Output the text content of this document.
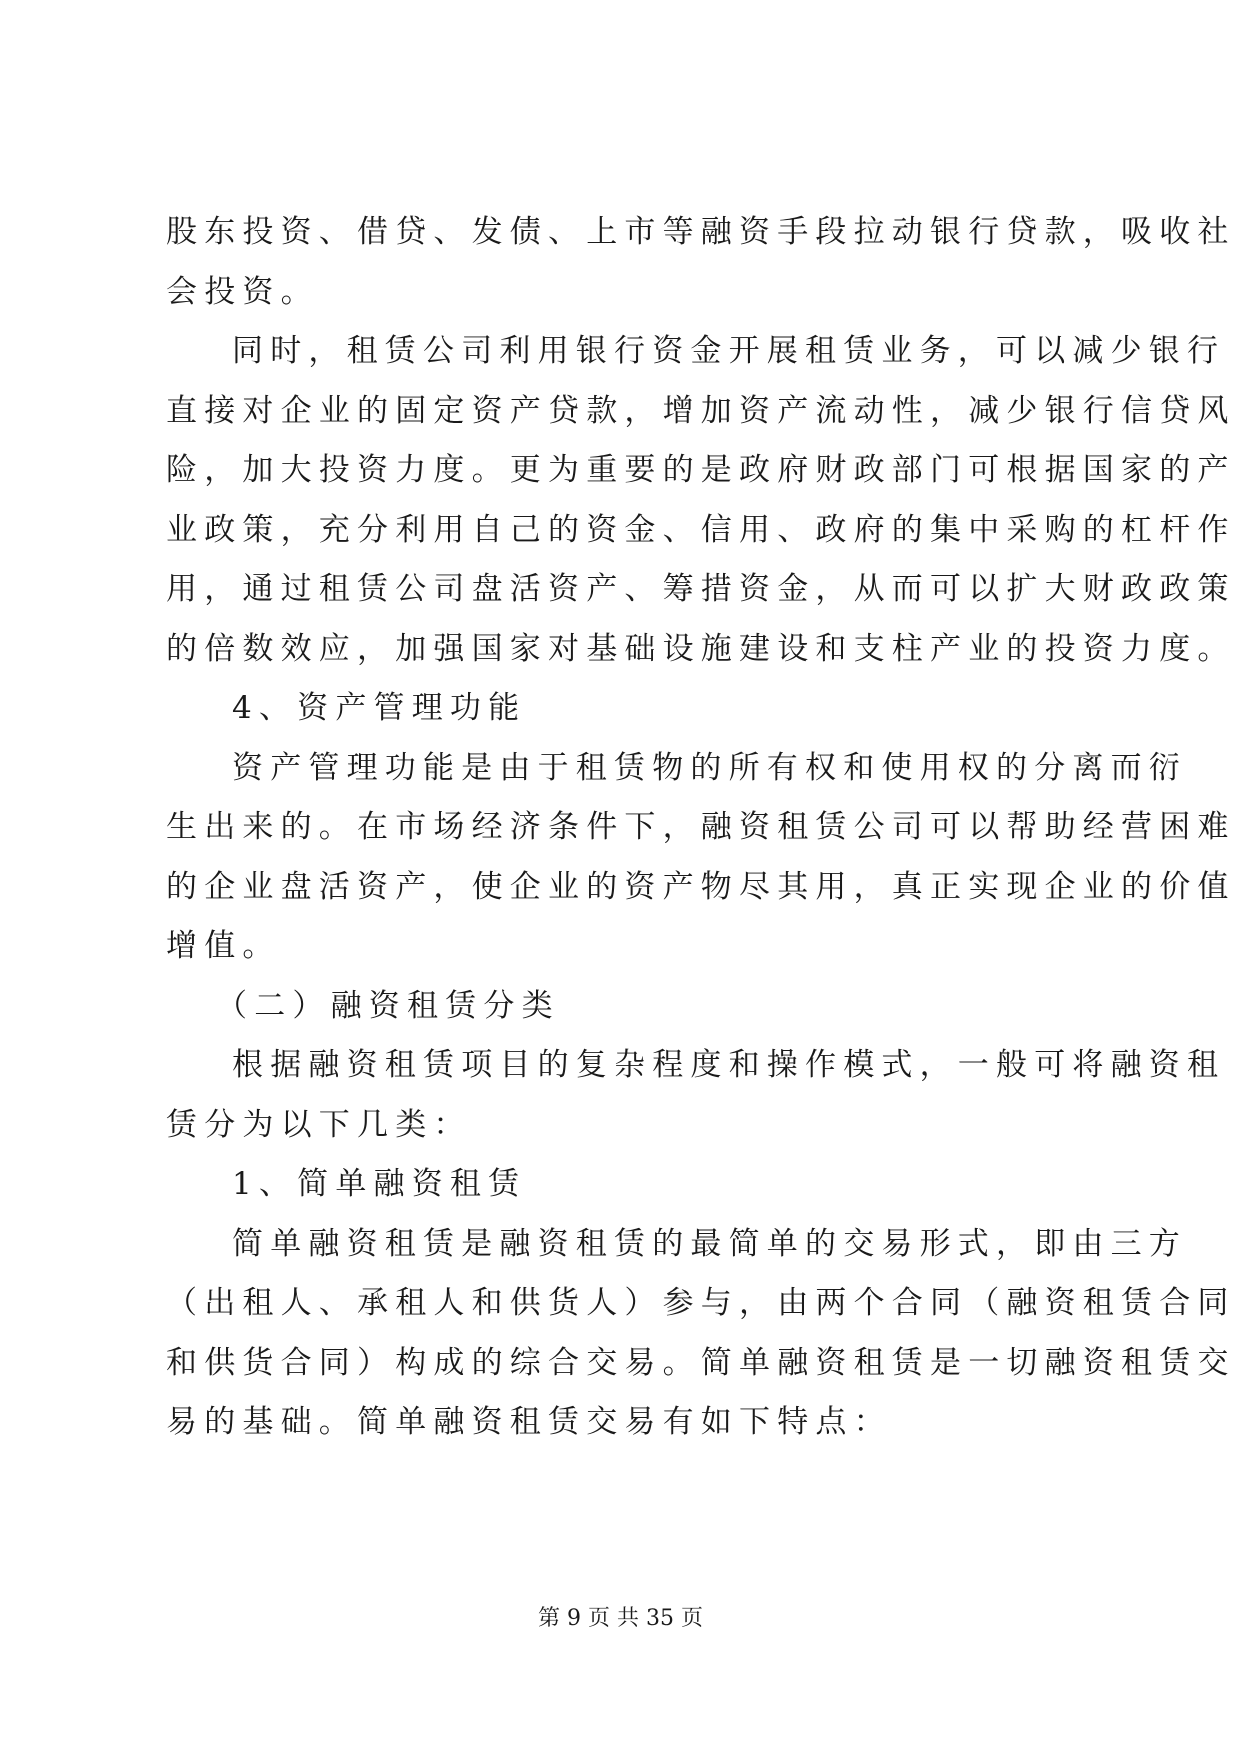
股东投资、借贷、发债、上市等融资手段拉动银行贷款，吸收社
会投资。
同时，租赁公司利用银行资金开展租赁业务，可以减少银行
直接对企业的固定资产贷款，增加资产流动性，减少银行信贷风
险，加大投资力度。更为重要的是政府财政部门可根据国家的产
业政策，充分利用自己的资金、信用、政府的集中采购的杠杆作
用，通过租赁公司盘活资产、筹措资金，从而可以扩大财政政策
的倍数效应，加强国家对基础设施建设和支柱产业的投资力度。
4、资产管理功能
资产管理功能是由于租赁物的所有权和使用权的分离而衍
生出来的。在市场经济条件下，融资租赁公司可以帮助经营困难
的企业盘活资产，使企业的资产物尽其用，真正实现企业的价值
增值。
（二）融资租赁分类
根据融资租赁项目的复杂程度和操作模式，一般可将融资租
赁分为以下几类：
1、简单融资租赁
简单融资租赁是融资租赁的最简单的交易形式，即由三方
（出租人、承租人和供货人）参与，由两个合同（融资租赁合同
和供货合同）构成的综合交易。简单融资租赁是一切融资租赁交
易的基础。简单融资租赁交易有如下特点：
第 9 页 共 35 页
